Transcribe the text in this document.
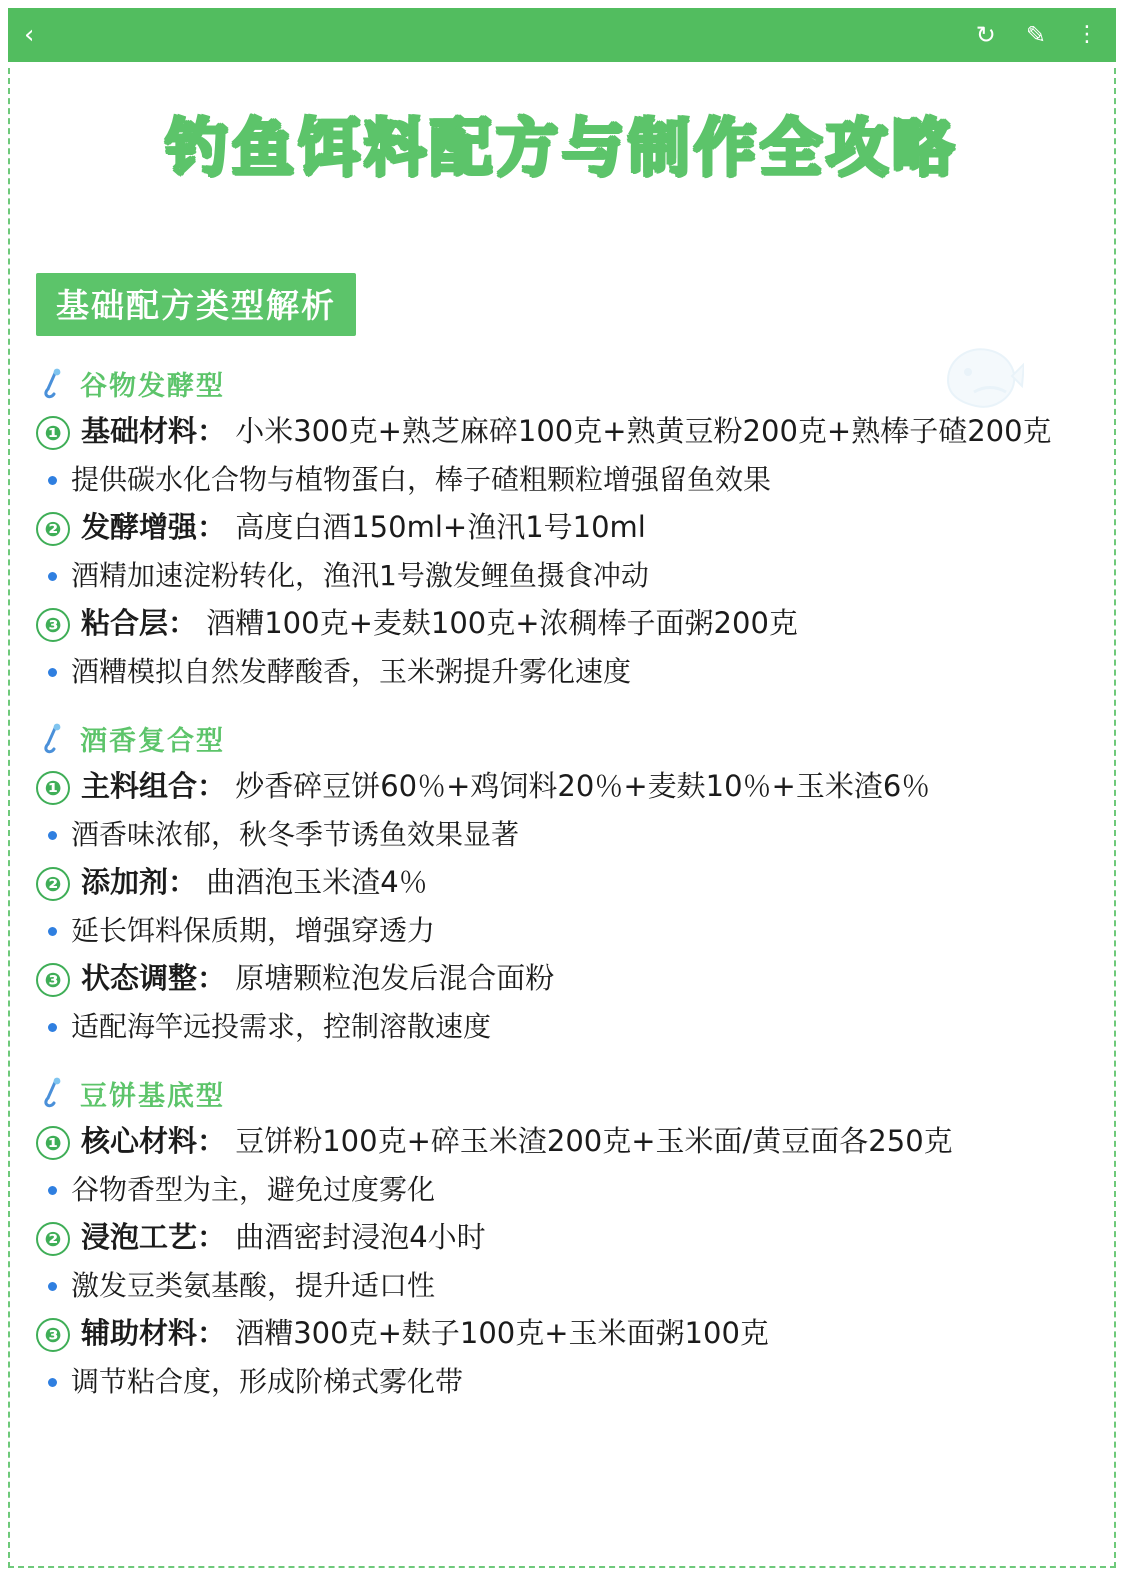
‹	↻ ✎ ⋮
钓鱼饵料配方与制作全攻略
基础配方类型解析
谷物发酵型
❶ 基础材料： 小米300克+熟芝麻碎100克+熟黄豆粉200克+熟棒子碴200克
提供碳水化合物与植物蛋白，棒子碴粗颗粒增强留鱼效果
❷ 发酵增强： 高度白酒150ml+渔汛1号10ml
酒精加速淀粉转化，渔汛1号激发鲤鱼摄食冲动
❸ 粘合层： 酒糟100克+麦麸100克+浓稠棒子面粥200克
酒糟模拟自然发酵酸香，玉米粥提升雾化速度
酒香复合型
❶ 主料组合： 炒香碎豆饼60％+鸡饲料20％+麦麸10％+玉米渣6％
酒香味浓郁，秋冬季节诱鱼效果显著
❷ 添加剂： 曲酒泡玉米渣4％
延长饵料保质期，增强穿透力
❸ 状态调整： 原塘颗粒泡发后混合面粉
适配海竿远投需求，控制溶散速度
豆饼基底型
❶ 核心材料： 豆饼粉100克+碎玉米渣200克+玉米面/黄豆面各250克
谷物香型为主，避免过度雾化
❷ 浸泡工艺： 曲酒密封浸泡4小时
激发豆类氨基酸，提升适口性
❸ 辅助材料： 酒糟300克+麸子100克+玉米面粥100克
调节粘合度，形成阶梯式雾化带
